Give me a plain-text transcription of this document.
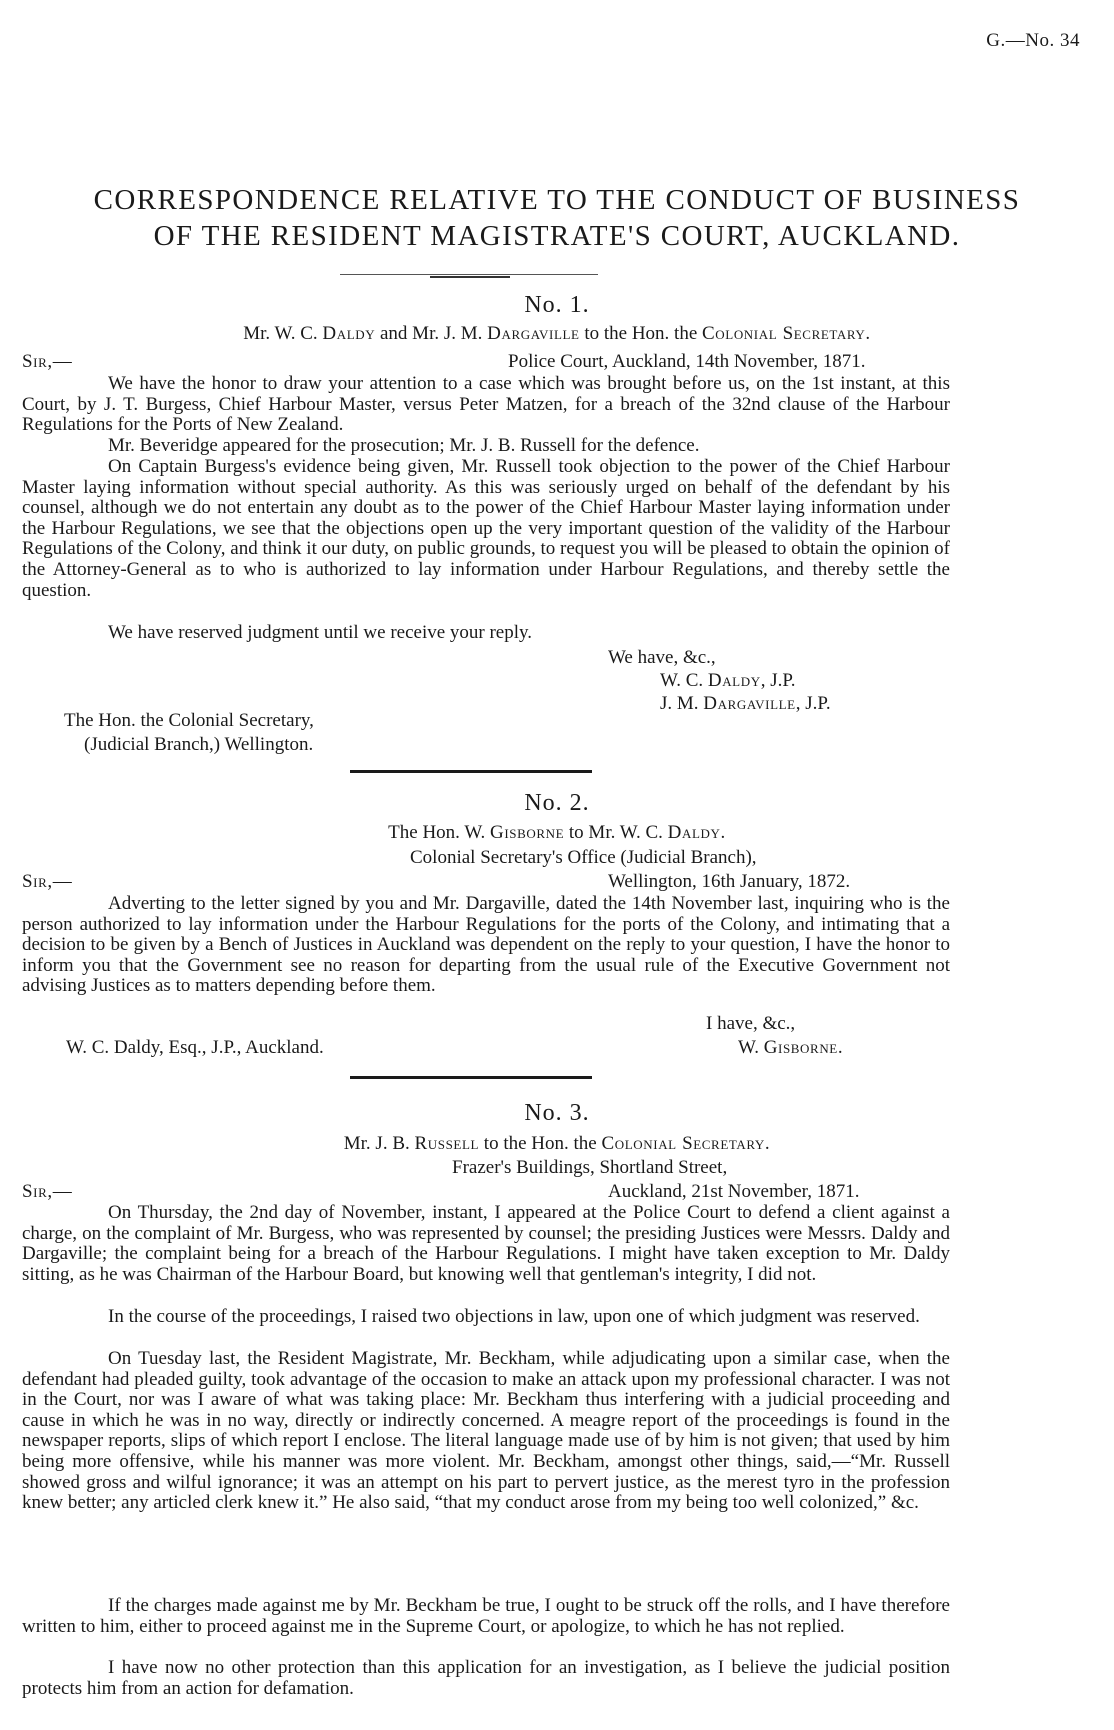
G.—No. 34
CORRESPONDENCE RELATIVE TO THE CONDUCT OF BUSINESS
OF THE RESIDENT MAGISTRATE'S COURT, AUCKLAND.
No. 1.
Mr. W. C. Daldy and Mr. J. M. Dargaville to the Hon. the Colonial Secretary.
Sir,—	Police Court, Auckland, 14th November, 1871.
We have the honor to draw your attention to a case which was brought before us, on the 1st instant, at this Court, by J. T. Burgess, Chief Harbour Master, versus Peter Matzen, for a breach of the 32nd clause of the Harbour Regulations for the Ports of New Zealand.
Mr. Beveridge appeared for the prosecution; Mr. J. B. Russell for the defence.
On Captain Burgess's evidence being given, Mr. Russell took objection to the power of the Chief Harbour Master laying information without special authority. As this was seriously urged on behalf of the defendant by his counsel, although we do not entertain any doubt as to the power of the Chief Harbour Master laying information under the Harbour Regulations, we see that the objections open up the very important question of the validity of the Harbour Regulations of the Colony, and think it our duty, on public grounds, to request you will be pleased to obtain the opinion of the Attorney-General as to who is authorized to lay information under Harbour Regulations, and thereby settle the question.
We have reserved judgment until we receive your reply.
We have, &c.,
W. C. Daldy, J.P.
J. M. Dargaville, J.P.
The Hon. the Colonial Secretary,
(Judicial Branch,) Wellington.
No. 2.
The Hon. W. Gisborne to Mr. W. C. Daldy.
Colonial Secretary's Office (Judicial Branch),
Sir,—	Wellington, 16th January, 1872.
Adverting to the letter signed by you and Mr. Dargaville, dated the 14th November last, inquiring who is the person authorized to lay information under the Harbour Regulations for the ports of the Colony, and intimating that a decision to be given by a Bench of Justices in Auckland was dependent on the reply to your question, I have the honor to inform you that the Government see no reason for departing from the usual rule of the Executive Government not advising Justices as to matters depending before them.
I have, &c.,
W. C. Daldy, Esq., J.P., Auckland.	W. Gisborne.
No. 3.
Mr. J. B. Russell to the Hon. the Colonial Secretary.
Frazer's Buildings, Shortland Street,
Sir,—	Auckland, 21st November, 1871.
On Thursday, the 2nd day of November, instant, I appeared at the Police Court to defend a client against a charge, on the complaint of Mr. Burgess, who was represented by counsel; the presiding Justices were Messrs. Daldy and Dargaville; the complaint being for a breach of the Harbour Regulations. I might have taken exception to Mr. Daldy sitting, as he was Chairman of the Harbour Board, but knowing well that gentleman's integrity, I did not.
In the course of the proceedings, I raised two objections in law, upon one of which judgment was reserved.
On Tuesday last, the Resident Magistrate, Mr. Beckham, while adjudicating upon a similar case, when the defendant had pleaded guilty, took advantage of the occasion to make an attack upon my professional character. I was not in the Court, nor was I aware of what was taking place: Mr. Beckham thus interfering with a judicial proceeding and cause in which he was in no way, directly or indirectly concerned. A meagre report of the proceedings is found in the newspaper reports, slips of which report I enclose. The literal language made use of by him is not given; that used by him being more offensive, while his manner was more violent. Mr. Beckham, amongst other things, said,—“Mr. Russell showed gross and wilful ignorance; it was an attempt on his part to pervert justice, as the merest tyro in the profession knew better; any articled clerk knew it.” He also said, “that my conduct arose from my being too well colonized,” &c.
If the charges made against me by Mr. Beckham be true, I ought to be struck off the rolls, and I have therefore written to him, either to proceed against me in the Supreme Court, or apologize, to which he has not replied.
I have now no other protection than this application for an investigation, as I believe the judicial position protects him from an action for defamation.
